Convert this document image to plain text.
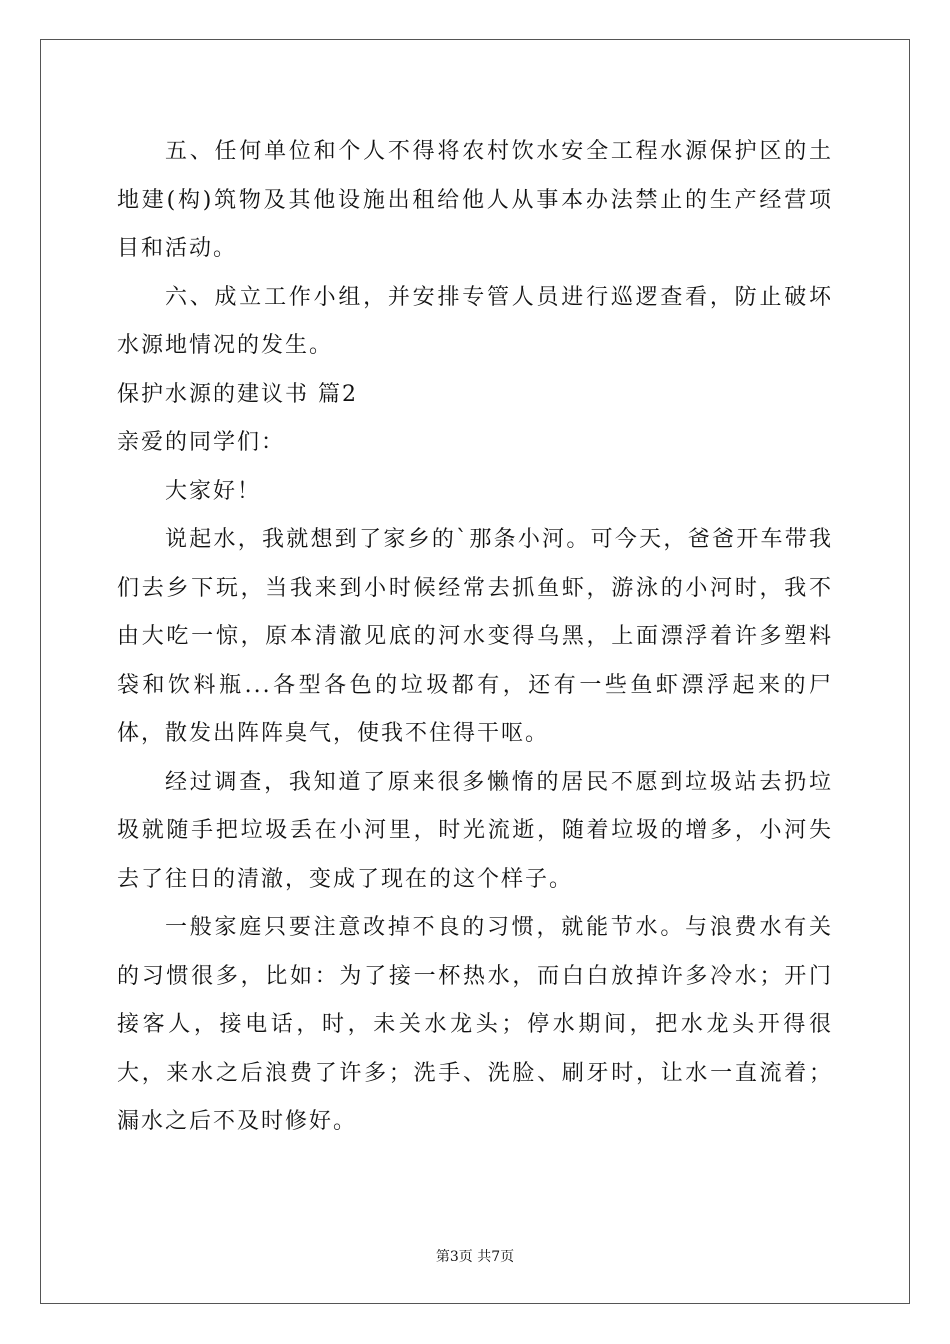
五、任何单位和个人不得将农村饮水安全工程水源保护区的土地建(构)筑物及其他设施出租给他人从事本办法禁止的生产经营项目和活动。

六、成立工作小组，并安排专管人员进行巡逻查看，防止破坏水源地情况的发生。

保护水源的建议书 篇2

亲爱的同学们：

大家好！

说起水，我就想到了家乡的`那条小河。可今天，爸爸开车带我们去乡下玩，当我来到小时候经常去抓鱼虾，游泳的小河时，我不由大吃一惊，原本清澈见底的河水变得乌黑，上面漂浮着许多塑料袋和饮料瓶...各型各色的垃圾都有，还有一些鱼虾漂浮起来的尸体，散发出阵阵臭气，使我不住得干呕。

经过调查，我知道了原来很多懒惰的居民不愿到垃圾站去扔垃圾就随手把垃圾丢在小河里，时光流逝，随着垃圾的增多，小河失去了往日的清澈，变成了现在的这个样子。

一般家庭只要注意改掉不良的习惯，就能节水。与浪费水有关的习惯很多，比如：为了接一杯热水，而白白放掉许多冷水；开门接客人，接电话，时，未关水龙头；停水期间，把水龙头开得很大，来水之后浪费了许多；洗手、洗脸、刷牙时，让水一直流着；漏水之后不及时修好。

第3页 共7页
